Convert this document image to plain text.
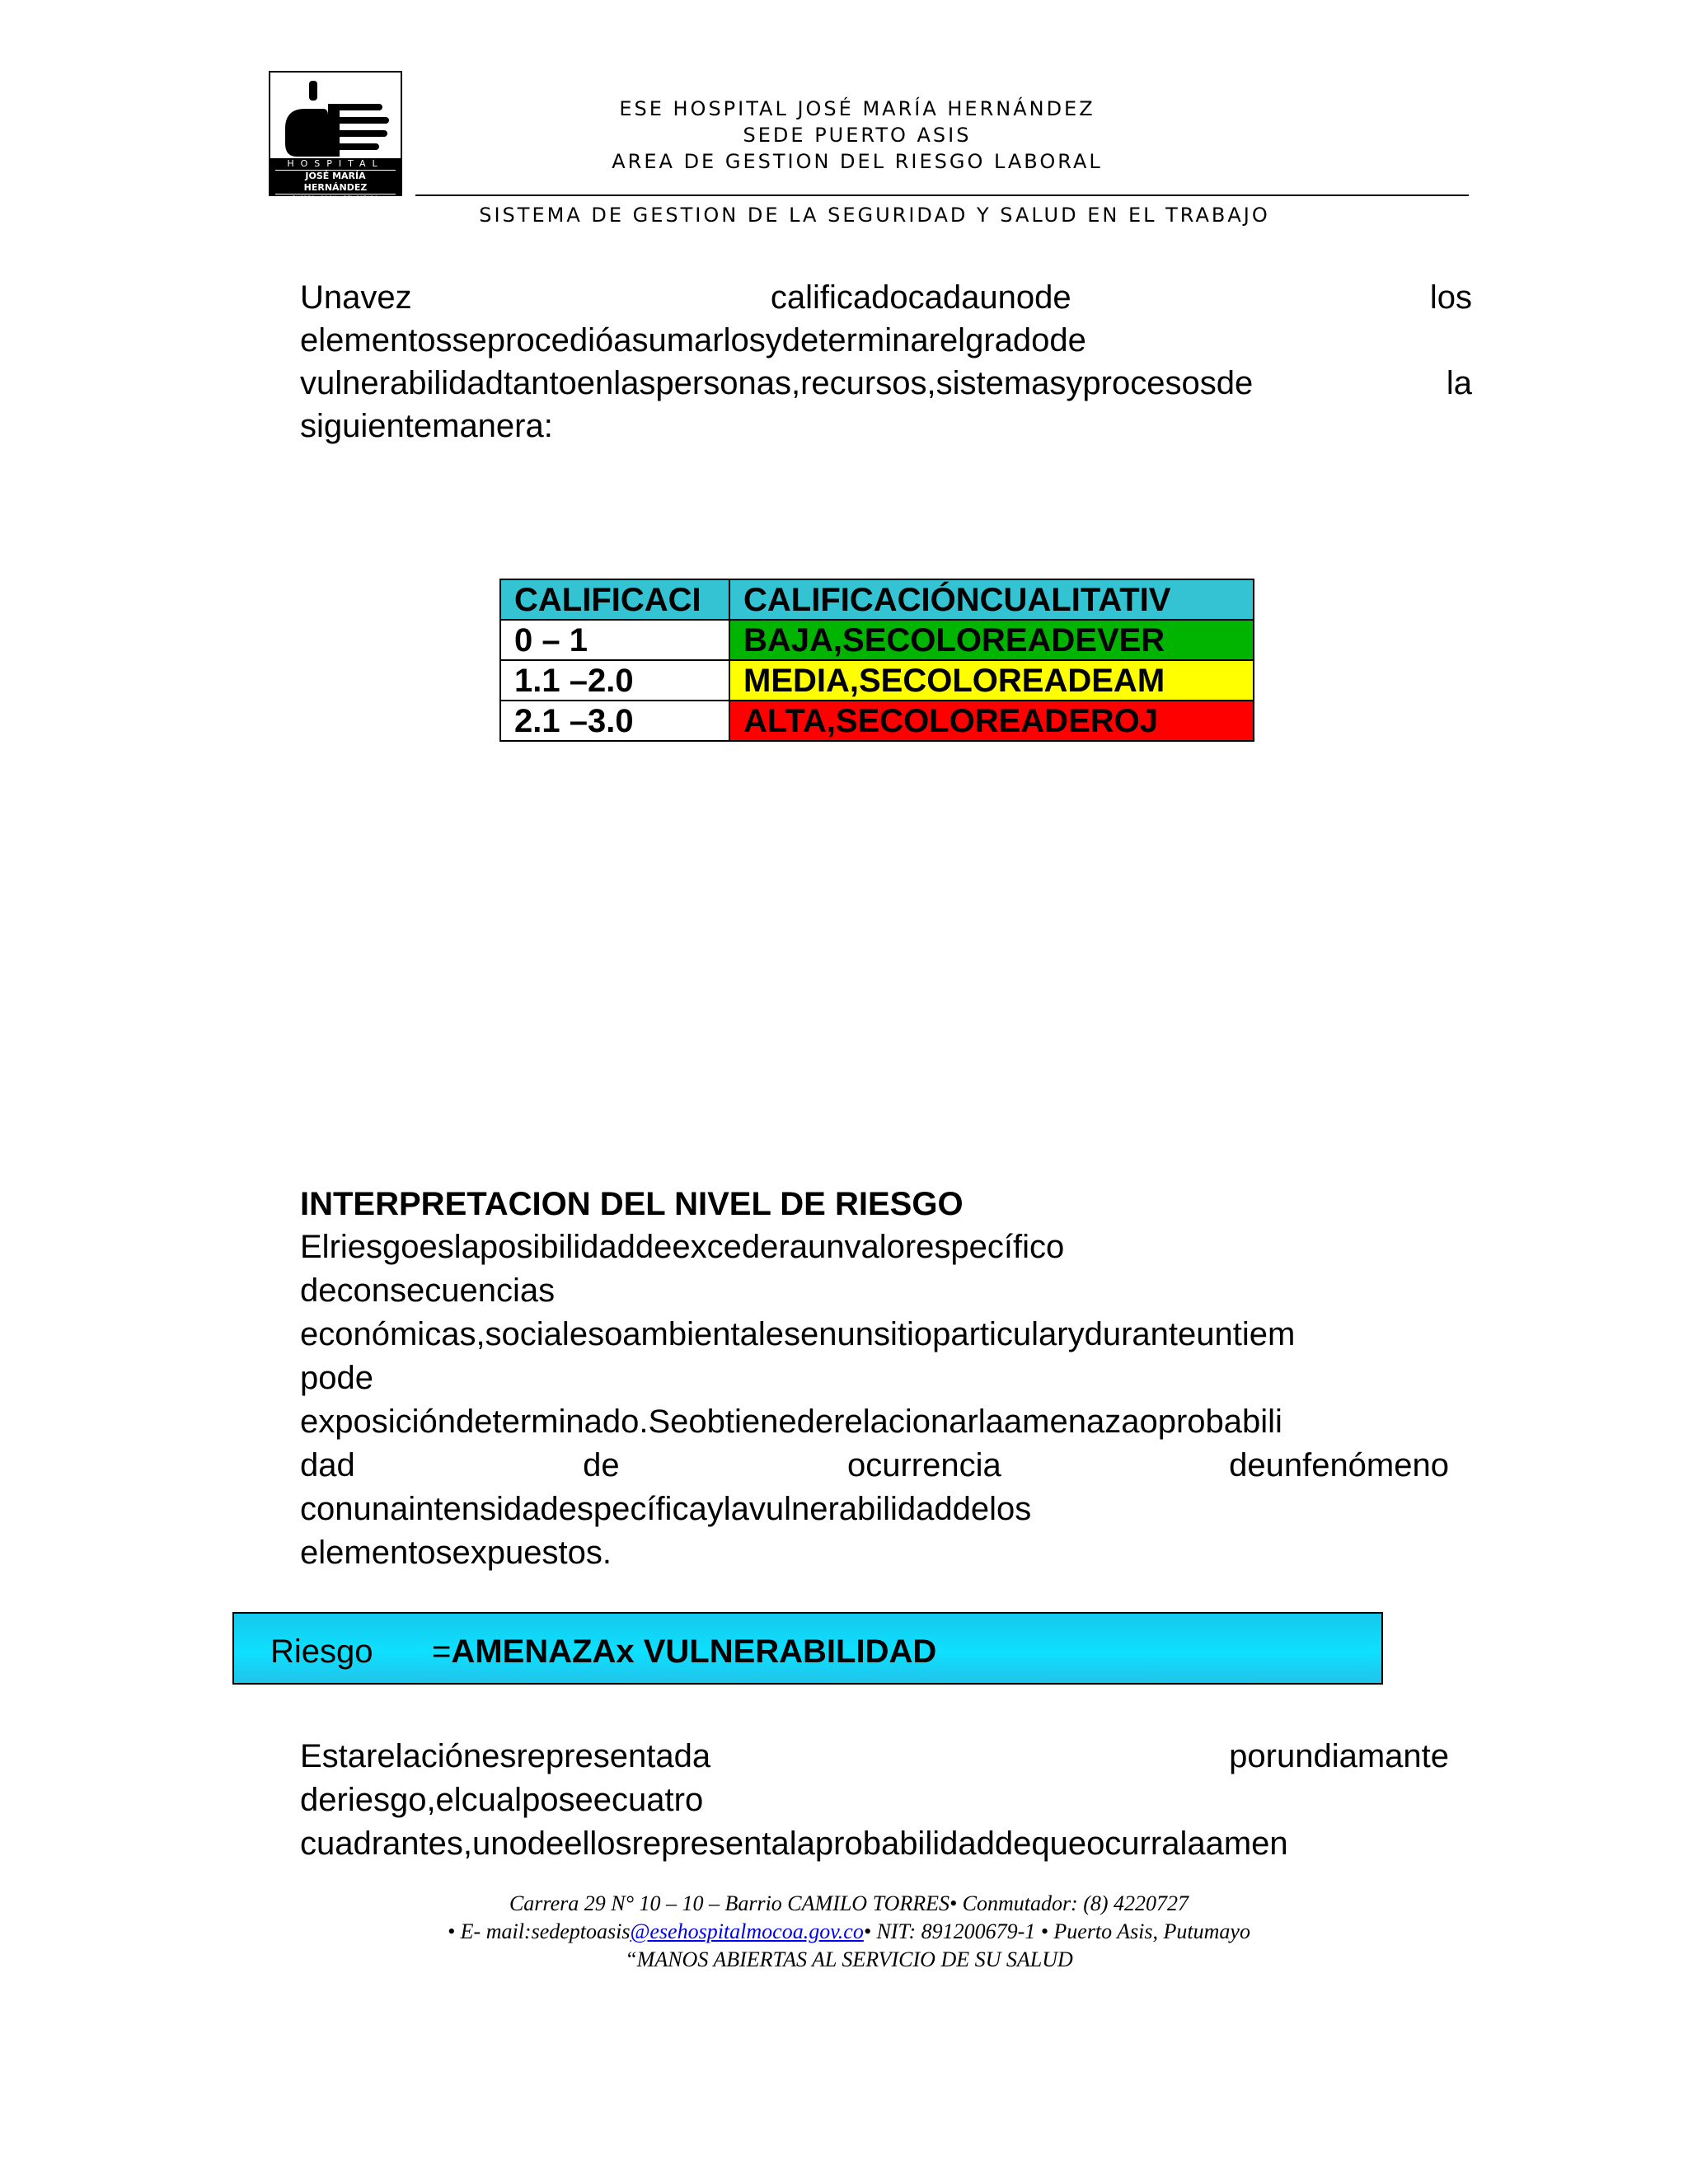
HOSPITAL
JOSÉ MARÍA HERNÁNDEZ
EMPRESA SOCIAL DEL ESTADO
ESE HOSPITAL JOSÉ MARÍA HERNÁNDEZ
SEDE PUERTO ASIS
AREA DE GESTION DEL RIESGO LABORAL
SISTEMA DE GESTION DE LA SEGURIDAD Y SALUD EN EL TRABAJO
Unavez	calificadocadaunode	los
elementosseprocedióasumarlosydeterminarelgradode
vulnerabilidadtantoenlaspersonas,recursos,sistemasyprocesosde	la
siguientemanera:
CALIFICACI	CALIFICACIÓNCUALITATIV
0 – 1	BAJA,SECOLOREADEVER
1.1 –2.0	MEDIA,SECOLOREADEAM
2.1 –3.0	ALTA,SECOLOREADEROJ
INTERPRETACION DEL NIVEL DE RIESGO
Elriesgoeslaposibilidaddeexcederaunvalorespecífico
deconsecuencias
económicas,socialesoambientalesenunsitioparticularyduranteuntiem
pode
exposicióndeterminado.Seobtienederelacionarlaamenazaoprobabili
dad	de	ocurrencia	deunfenómeno
conunaintensidadespecíficaylavulnerabilidaddelos
elementosexpuestos.
Riesgo =AMENAZAx VULNERABILIDAD
Estarelaciónesrepresentada	porundiamante
deriesgo,elcualposeecuatro
cuadrantes,unodeellosrepresentalaprobabilidaddequeocurralaamen
Carrera 29 N° 10 – 10 – Barrio CAMILO TORRES• Conmutador: (8) 4220727
• E- mail:sedeptoasis@esehospitalmocoa.gov.co• NIT: 891200679-1 • Puerto Asis, Putumayo
“MANOS ABIERTAS AL SERVICIO DE SU SALUD
